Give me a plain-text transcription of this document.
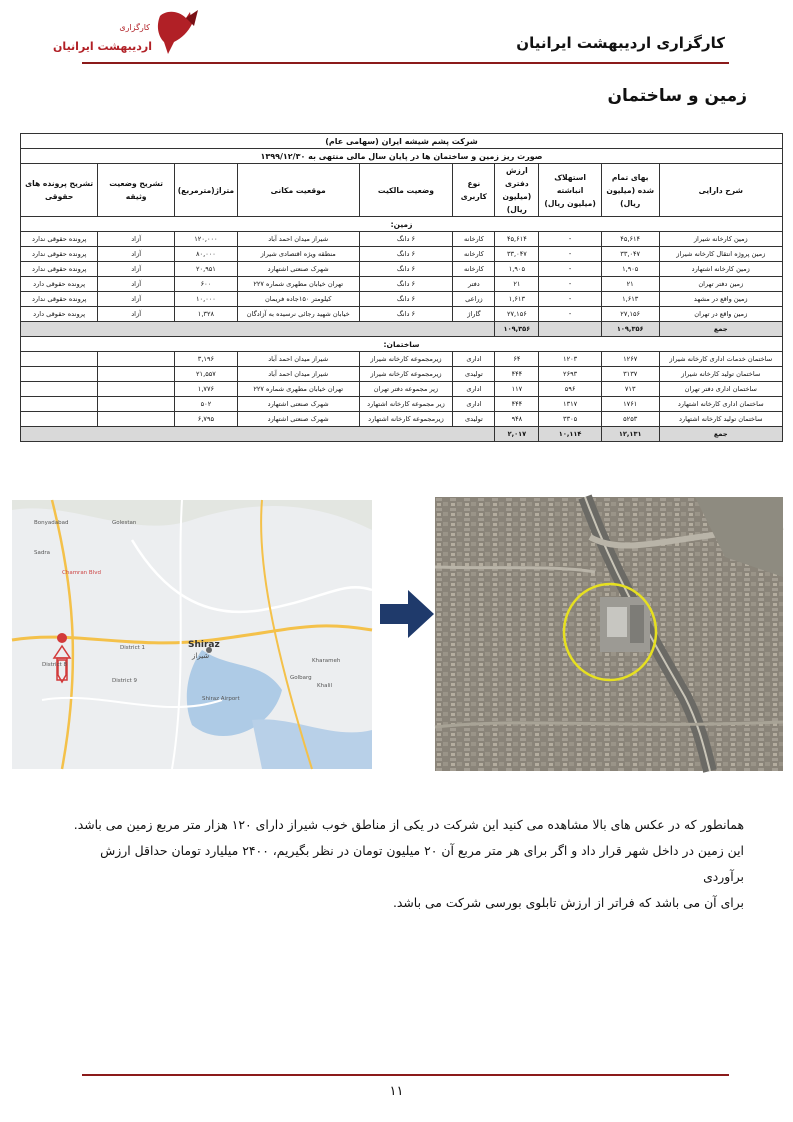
کارگزاری
اردیبهشت ایرانیان	کارگزاری اردیبهشت ایرانیان
زمین و ساختمان
شرکت پشم شیشه ایران (سهامی عام)									
صورت ریز زمین و ساختمان ها در پایان سال مالی منتهی به ۱۳۹۹/۱۲/۳۰									
شرح دارایی	بهای تمام شده (میلیون ریال)	استهلاک انباشته (میلیون ریال)	ارزش دفتری (میلیون ریال)	نوع کاربری	وضعیت مالکیت	موقعیت مکانی	متراژ(مترمربع)	تشریح وضعیت وثیقه	تشریح پرونده های حقوقی
زمین:									
زمین کارخانه شیراز	۴۵,۶۱۴	-	۴۵,۶۱۴	کارخانه	۶ دانگ	شیراز میدان احمد آباد	۱۲۰,۰۰۰	آزاد	پرونده حقوقی ندارد
زمین پروژه انتقال کارخانه شیراز	۳۳,۰۴۷	-	۳۳,۰۴۷	کارخانه	۶ دانگ	منطقه ویژه اقتصادی شیراز	۸۰,۰۰۰	آزاد	پرونده حقوقی ندارد
زمین کارخانه اشتهارد	۱,۹۰۵	-	۱,۹۰۵	کارخانه	۶ دانگ	شهرک صنعتی اشتهارد	۲۰,۹۵۱	آزاد	پرونده حقوقی ندارد
زمین دفتر تهران	۲۱	-	۲۱	دفتر	۶ دانگ	تهران خیابان مطهری شماره ۲۲۷	۶۰۰	آزاد	پرونده حقوقی دارد
زمین واقع در مشهد	۱,۶۱۳	-	۱,۶۱۳	زراعی	۶ دانگ	کیلومتر ۱۵۰جاده فریمان	۱۰,۰۰۰	آزاد	پرونده حقوقی ندارد
زمین واقع در تهران	۲۷,۱۵۶	-	۲۷,۱۵۶	گاراژ	۶ دانگ	خیابان شهید رجائی نرسیده به آزادگان	۱,۳۲۸	آزاد	پرونده حقوقی دارد
جمع	۱۰۹,۳۵۶		۱۰۹,۳۵۶						
ساختمان:									
ساختمان خدمات اداری کارخانه شیراز	۱۲۶۷	۱۲۰۳	۶۴	اداری	زیرمجموعه کارخانه شیراز	شیراز میدان احمد آباد	۳,۱۹۶		
ساختمان تولید کارخانه شیراز	۳۱۳۷	۲۶۹۳	۴۴۴	تولیدی	زیرمجموعه کارخانه شیراز	شیراز میدان احمد آباد	۲۱,۵۵۷		
ساختمان اداری دفتر تهران	۷۱۳	۵۹۶	۱۱۷	اداری	زیر مجموعه دفتر تهران	تهران خیابان مطهری شماره ۲۲۷	۱,۷۷۶		
ساختمان اداری کارخانه اشتهارد	۱۷۶۱	۱۳۱۷	۴۴۴	اداری	زیر مجموعه کارخانه اشتهارد	شهرک صنعتی اشتهارد	۵۰۲		
ساختمان تولید کارخانه اشتهارد	۵۲۵۳	۳۳۰۵	۹۴۸	تولیدی	زیرمجموعه کارخانه اشتهارد	شهرک صنعتی اشتهارد	۶,۷۹۵		
جمع	۱۲,۱۳۱	۱۰,۱۱۴	۲,۰۱۷						
Shiraz
شیراز
Bonyadabad	Golestan
Shiraz Airport
Sadra
Chamran Blvd
District 1
District 8
District 9
Kharameh
Khalil
Golbarg

همانطور که در عکس های بالا مشاهده می کنید این شرکت در یکی از مناطق خوب شیراز دارای ۱۲۰ هزار متر مربع زمین می باشد.

این زمین در داخل شهر قرار داد و اگر برای هر متر مربع آن ۲۰ میلیون تومان در نظر بگیریم، ۲۴۰۰ میلیارد تومان حداقل ارزش برآوردی

برای آن می باشد که فراتر از ارزش تابلوی بورسی شرکت می باشد.

۱۱
